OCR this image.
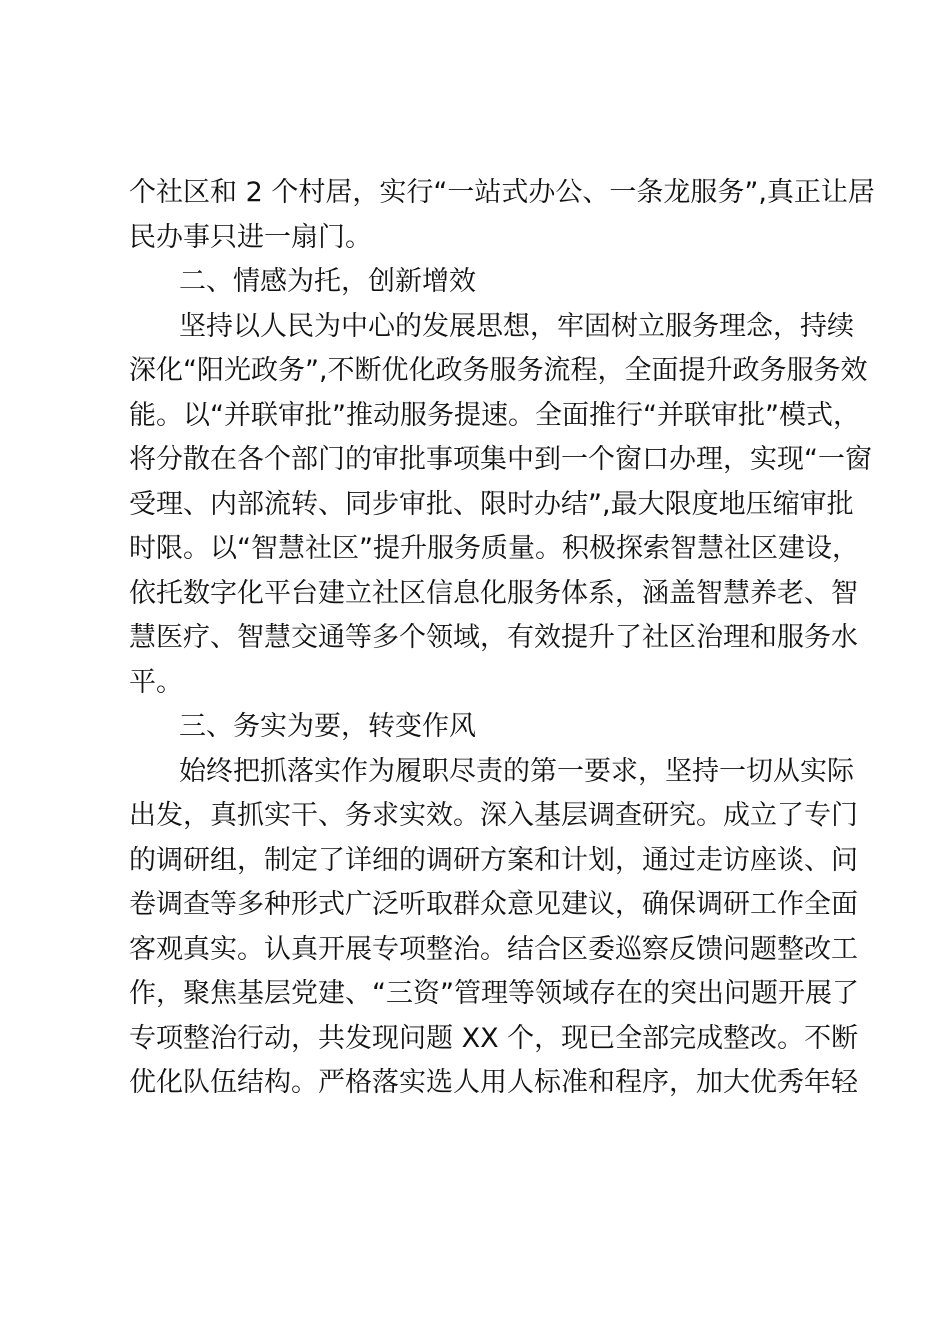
个社区和 2 个村居，实行“一站式办公、一条龙服务”,真正让居
民办事只进一扇门。
二、情感为托，创新增效
坚持以人民为中心的发展思想，牢固树立服务理念，持续
深化“阳光政务”,不断优化政务服务流程，全面提升政务服务效
能。以“并联审批”推动服务提速。全面推行“并联审批”模式，
将分散在各个部门的审批事项集中到一个窗口办理，实现“一窗
受理、内部流转、同步审批、限时办结”,最大限度地压缩审批
时限。以“智慧社区”提升服务质量。积极探索智慧社区建设，
依托数字化平台建立社区信息化服务体系，涵盖智慧养老、智
慧医疗、智慧交通等多个领域，有效提升了社区治理和服务水
平。
三、务实为要，转变作风
始终把抓落实作为履职尽责的第一要求，坚持一切从实际
出发，真抓实干、务求实效。深入基层调查研究。成立了专门
的调研组，制定了详细的调研方案和计划，通过走访座谈、问
卷调查等多种形式广泛听取群众意见建议，确保调研工作全面
客观真实。认真开展专项整治。结合区委巡察反馈问题整改工
作，聚焦基层党建、“三资”管理等领域存在的突出问题开展了
专项整治行动，共发现问题 XX 个，现已全部完成整改。不断
优化队伍结构。严格落实选人用人标准和程序，加大优秀年轻
